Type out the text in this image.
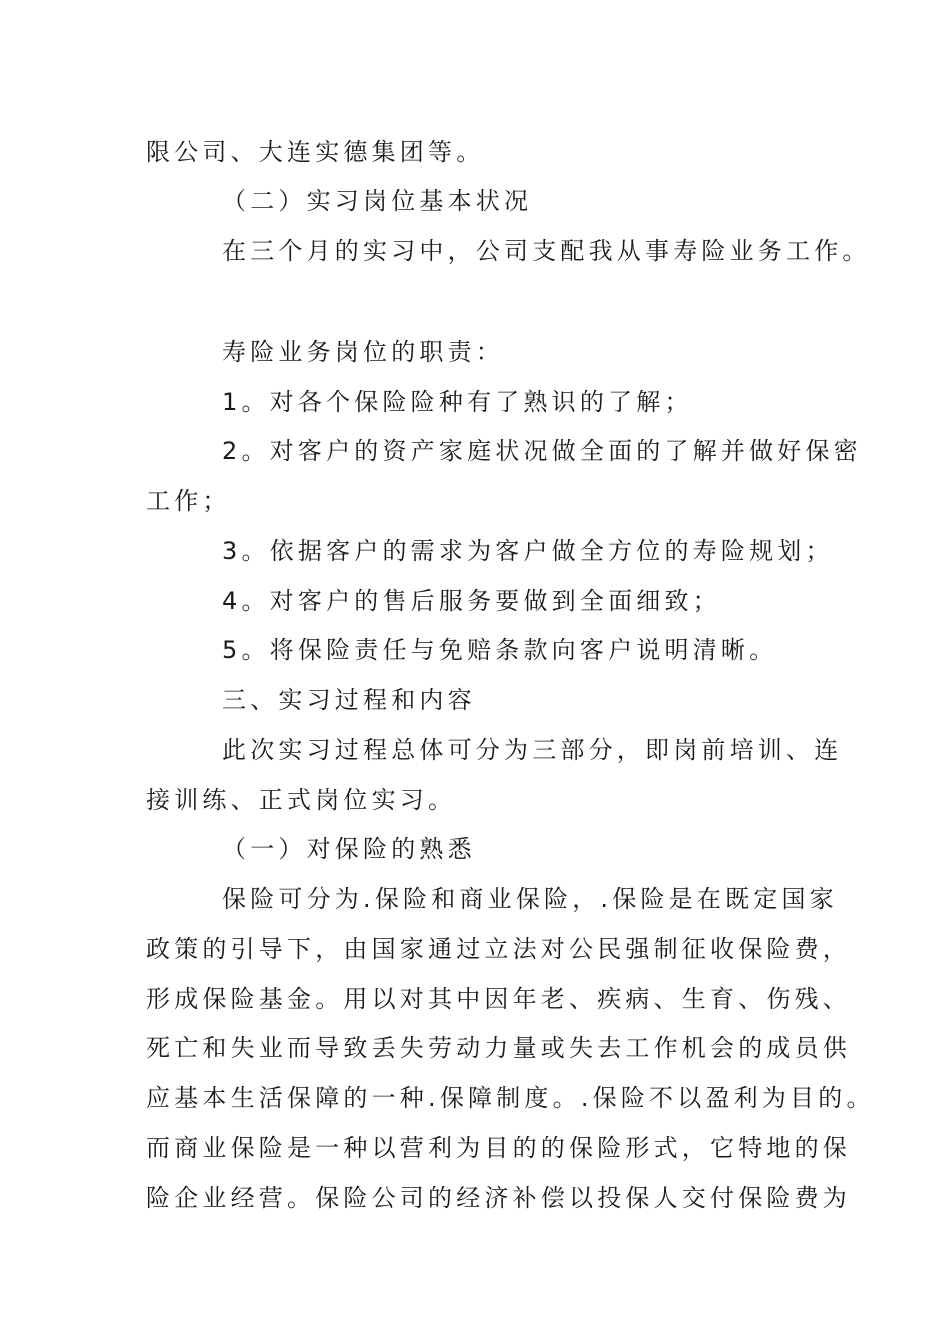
限公司、大连实德集团等。
（二）实习岗位基本状况
在三个月的实习中，公司支配我从事寿险业务工作。
寿险业务岗位的职责：
1。对各个保险险种有了熟识的了解；
2。对客户的资产家庭状况做全面的了解并做好保密
工作；
3。依据客户的需求为客户做全方位的寿险规划；
4。对客户的售后服务要做到全面细致；
5。将保险责任与免赔条款向客户说明清晰。
三、实习过程和内容
此次实习过程总体可分为三部分，即岗前培训、连
接训练、正式岗位实习。
（一）对保险的熟悉
保险可分为.保险和商业保险，.保险是在既定国家
政策的引导下，由国家通过立法对公民强制征收保险费，
形成保险基金。用以对其中因年老、疾病、生育、伤残、
死亡和失业而导致丢失劳动力量或失去工作机会的成员供
应基本生活保障的一种.保障制度。.保险不以盈利为目的。
而商业保险是一种以营利为目的的保险形式，它特地的保
险企业经营。保险公司的经济补偿以投保人交付保险费为
